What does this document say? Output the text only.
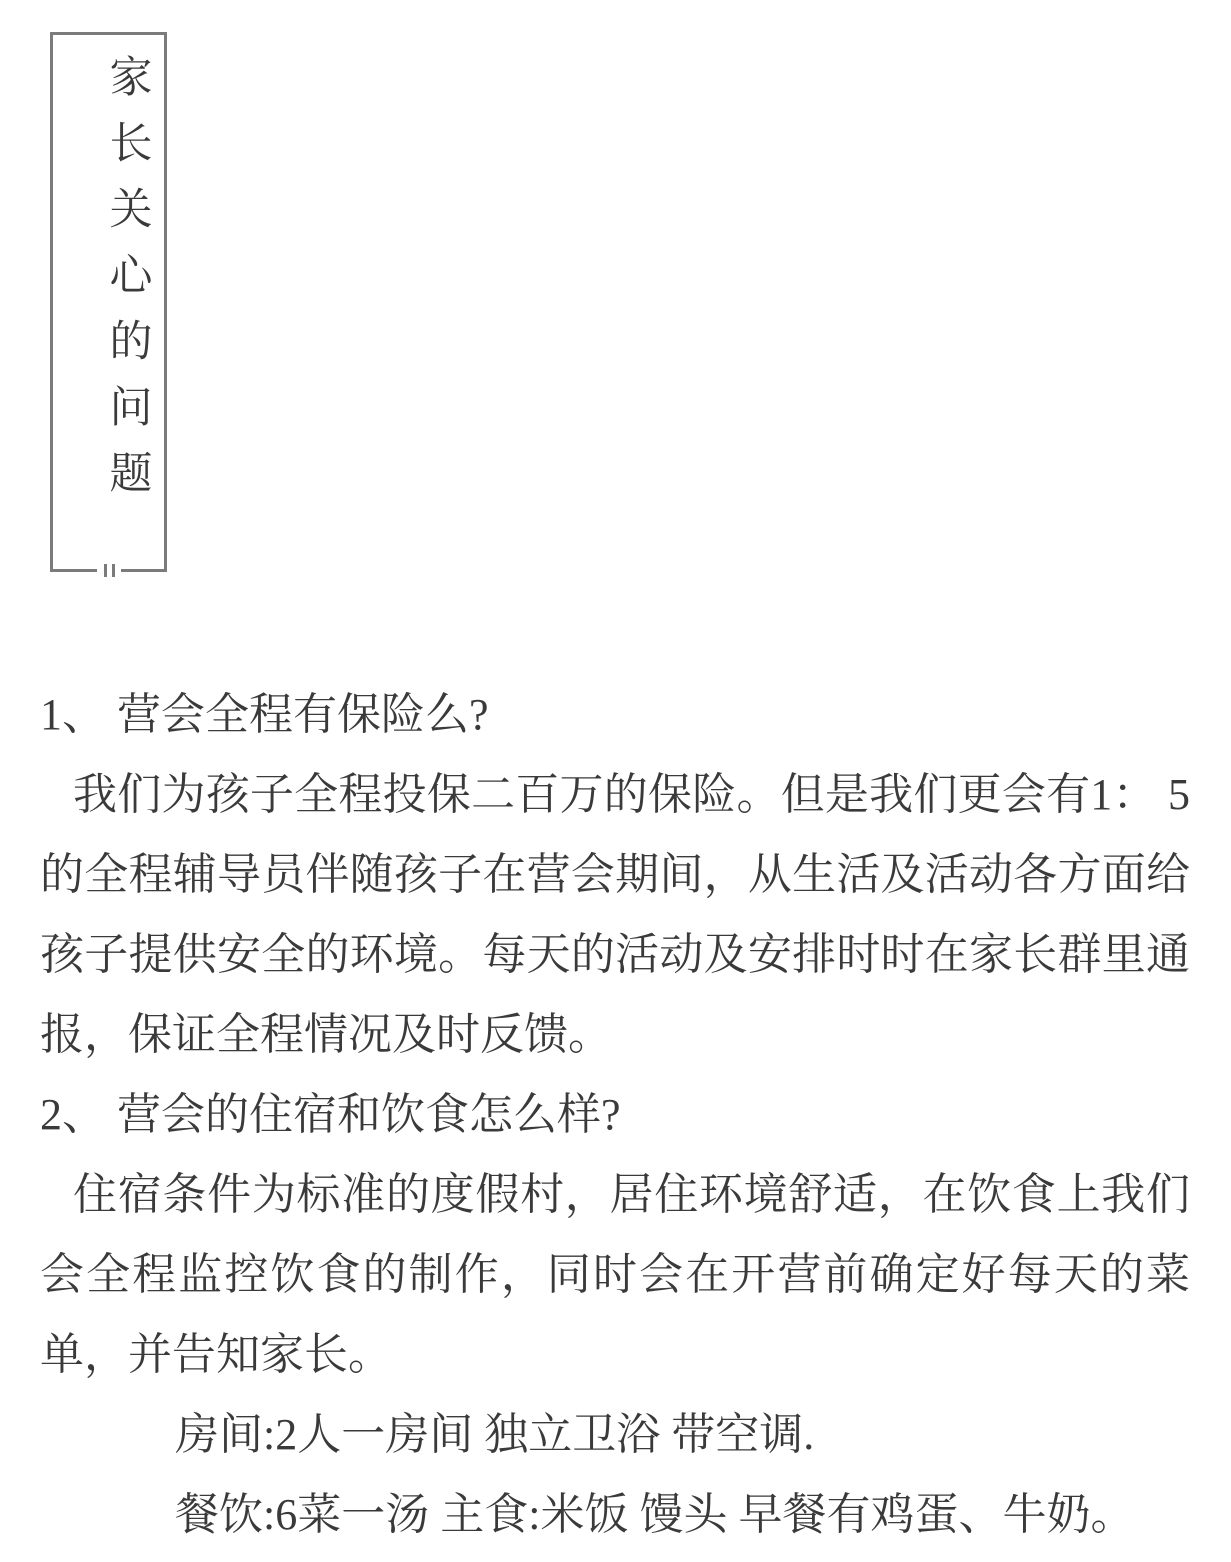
家
长
关
心
的
问
题
1、 营会全程有保险么?
我们为孩子全程投保二百万的保险。但是我们更会有1： 5
的全程辅导员伴随孩子在营会期间，从生活及活动各方面给
孩子提供安全的环境。每天的活动及安排时时在家长群里通
报，保证全程情况及时反馈。
2、 营会的住宿和饮食怎么样?
住宿条件为标准的度假村，居住环境舒适，在饮食上我们
会全程监控饮食的制作，同时会在开营前确定好每天的菜
单，并告知家长。
房间:2人一房间 独立卫浴 带空调.
餐饮:6菜一汤 主食:米饭 馒头 早餐有鸡蛋、牛奶。
